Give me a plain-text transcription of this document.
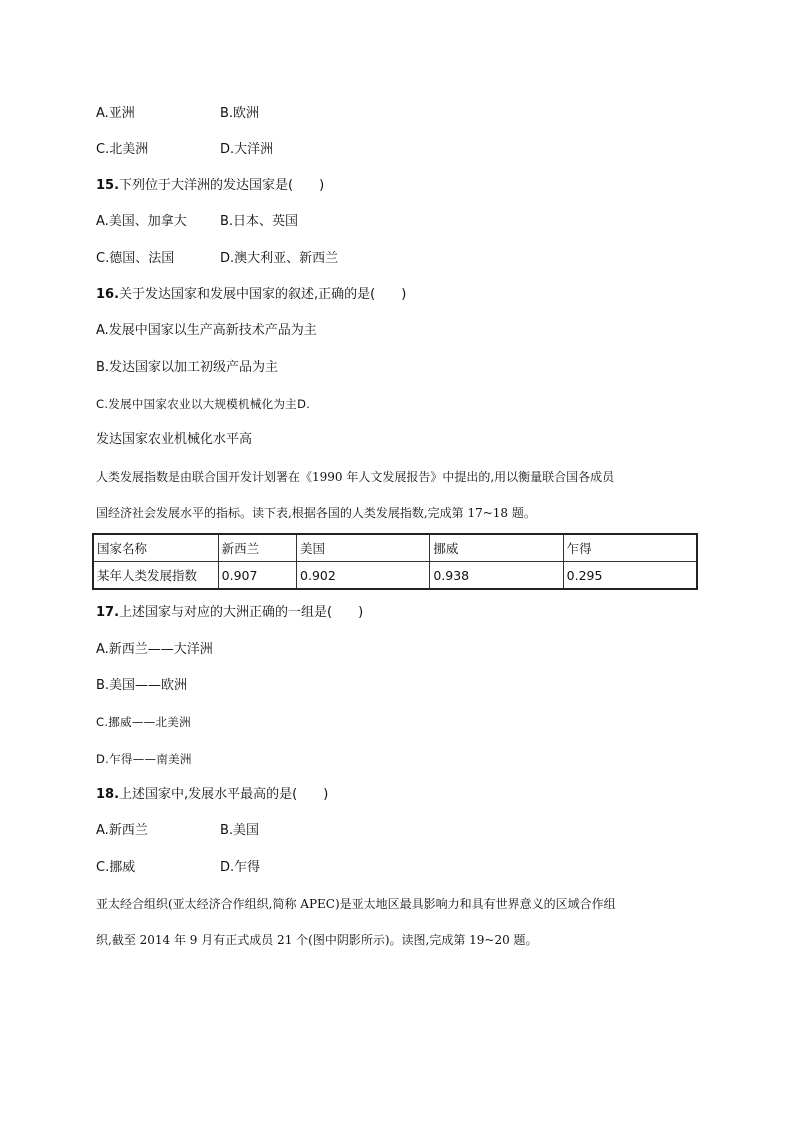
A.亚洲	B.欧洲

C.北美洲	D.大洋洲

15.下列位于大洋洲的发达国家是(　　)

A.美国、加拿大	B.日本、英国

C.德国、法国	D.澳大利亚、新西兰

16.关于发达国家和发展中国家的叙述,正确的是(　　)

A.发展中国家以生产高新技术产品为主

B.发达国家以加工初级产品为主

C.发展中国家农业以大规模机械化为主D.

发达国家农业机械化水平高

人类发展指数是由联合国开发计划署在《1990 年人文发展报告》中提出的,用以衡量联合国各成员

国经济社会发展水平的指标。读下表,根据各国的人类发展指数,完成第 17~18 题。

国家名称	新西兰	美国	挪威	乍得
某年人类发展指数	0.907	0.902	0.938	0.295

17.上述国家与对应的大洲正确的一组是(　　)

A.新西兰——大洋洲

B.美国——欧洲

C.挪威——北美洲

D.乍得——南美洲

18.上述国家中,发展水平最高的是(　　)

A.新西兰	B.美国

C.挪威	D.乍得

亚太经合组织(亚太经济合作组织,简称 APEC)是亚太地区最具影响力和具有世界意义的区域合作组

织,截至 2014 年 9 月有正式成员 21 个(图中阴影所示)。读图,完成第 19~20 题。
